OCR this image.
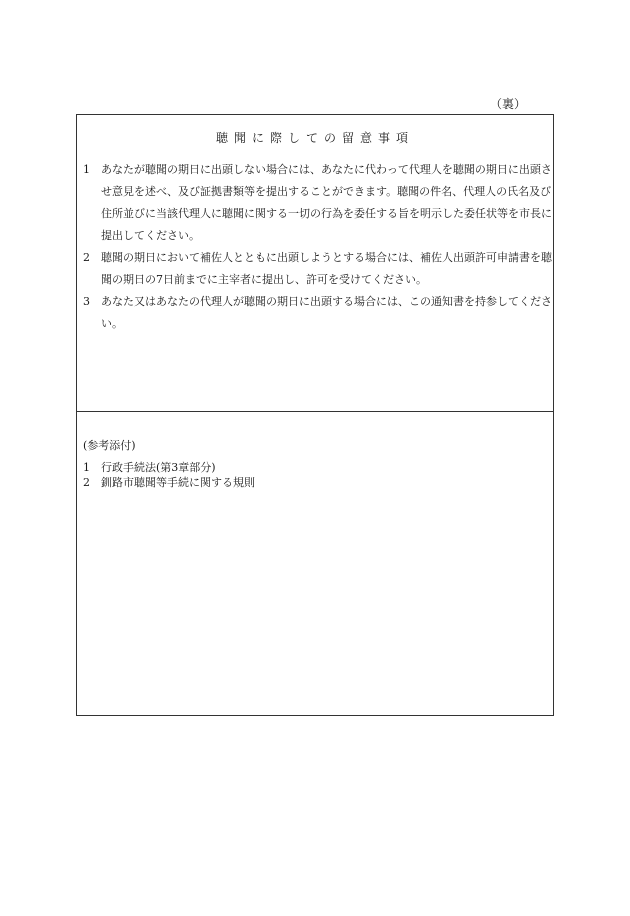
（裏）
聴聞に際しての留意事項
1	あなたが聴聞の期日に出頭しない場合には、あなたに代わって代理人を聴聞の期日に出頭させ意見を述べ、及び証拠書類等を提出することができます。聴聞の件名、代理人の氏名及び住所並びに当該代理人に聴聞に関する一切の行為を委任する旨を明示した委任状等を市長に提出してください。
2	聴聞の期日において補佐人とともに出頭しようとする場合には、補佐人出頭許可申請書を聴聞の期日の7日前までに主宰者に提出し、許可を受けてください。
3	あなた又はあなたの代理人が聴聞の期日に出頭する場合には、この通知書を持参してください。
(参考添付)
1 行政手続法(第3章部分)
2 釧路市聴聞等手続に関する規則
